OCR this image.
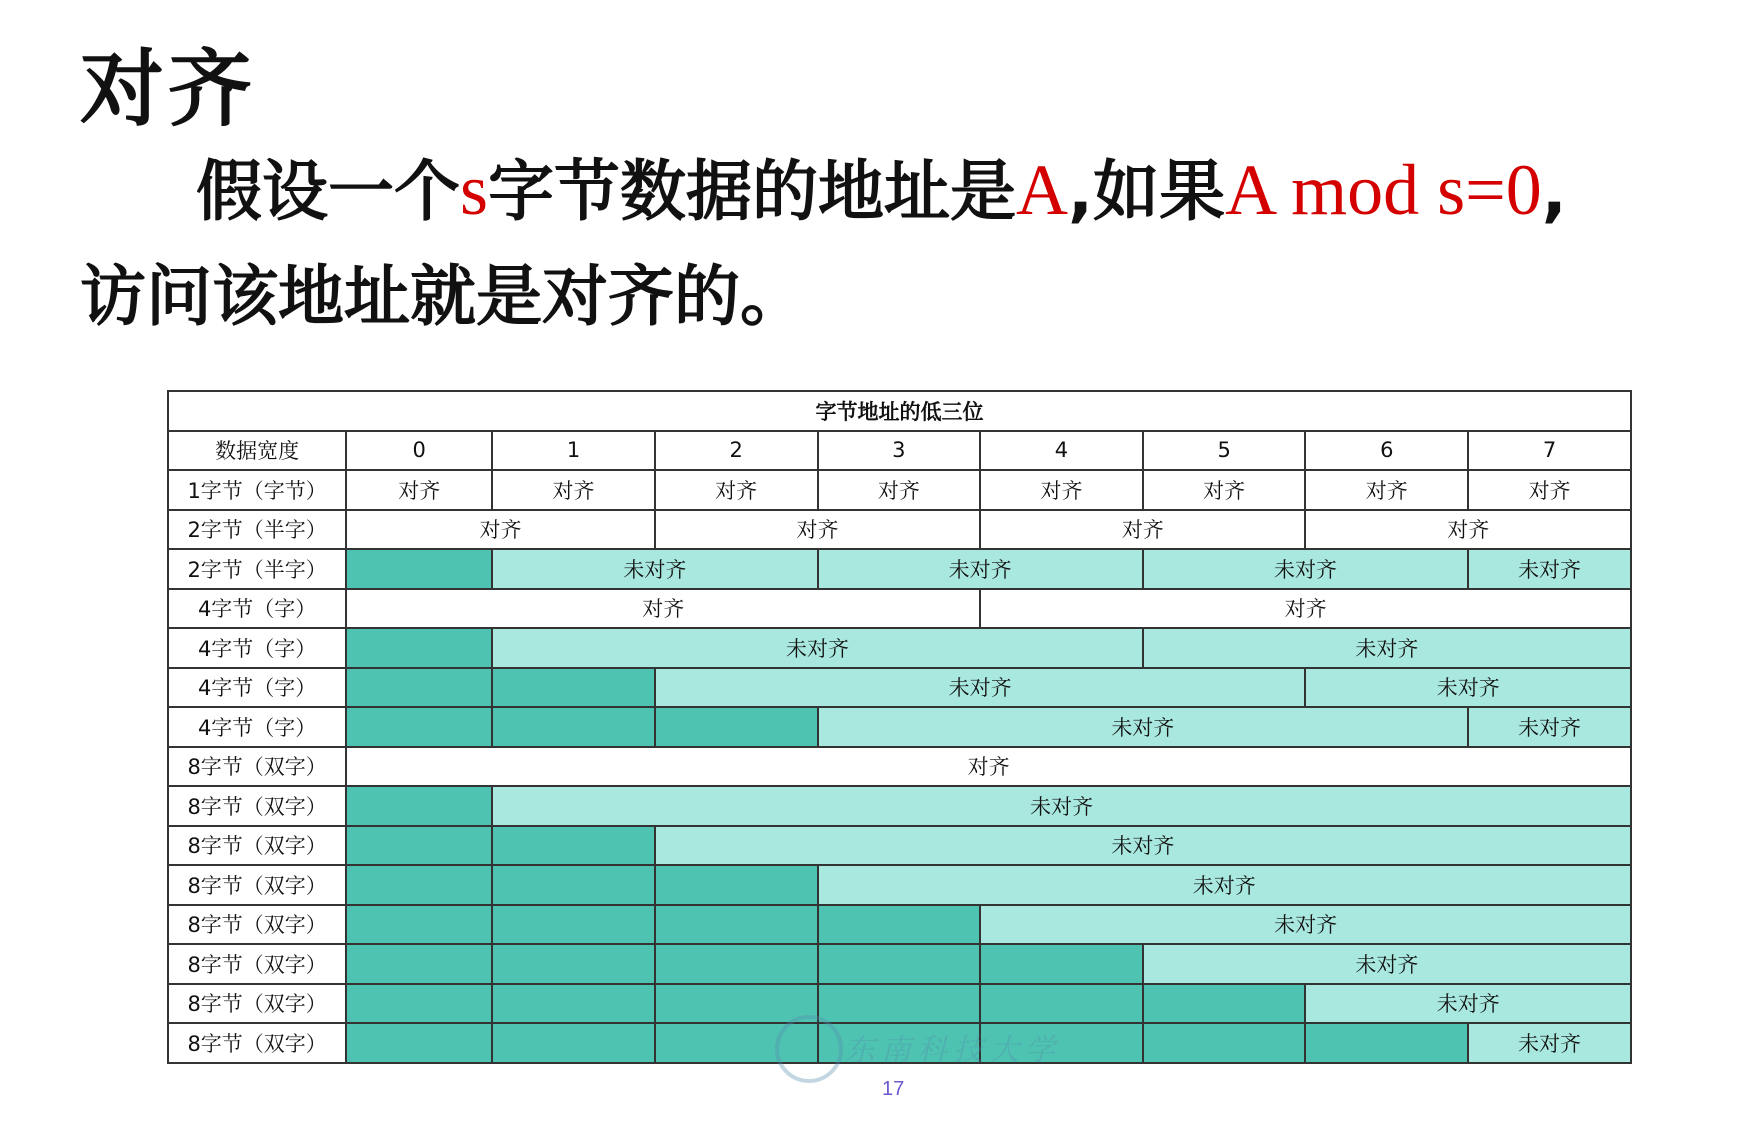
对齐
假设一个s字节数据的地址是A,如果A mod s=0,
访问该地址就是对齐的。
字节地址的低三位								
数据宽度	0	1	2	3	4	5	6	7
1字节（字节）	对齐	对齐	对齐	对齐	对齐	对齐	对齐	对齐
2字节（半字）	对齐		对齐		对齐		对齐	
2字节（半字）		未对齐		未对齐		未对齐		未对齐
4字节（字）	对齐				对齐			
4字节（字）		未对齐				未对齐		
4字节（字）			未对齐				未对齐	
4字节（字）				未对齐				未对齐
8字节（双字）	对齐							
8字节（双字）		未对齐						
8字节（双字）			未对齐					
8字节（双字）				未对齐				
8字节（双字）					未对齐			
8字节（双字）						未对齐		
8字节（双字）							未对齐	
8字节（双字）								未对齐
东南科技大学
17
